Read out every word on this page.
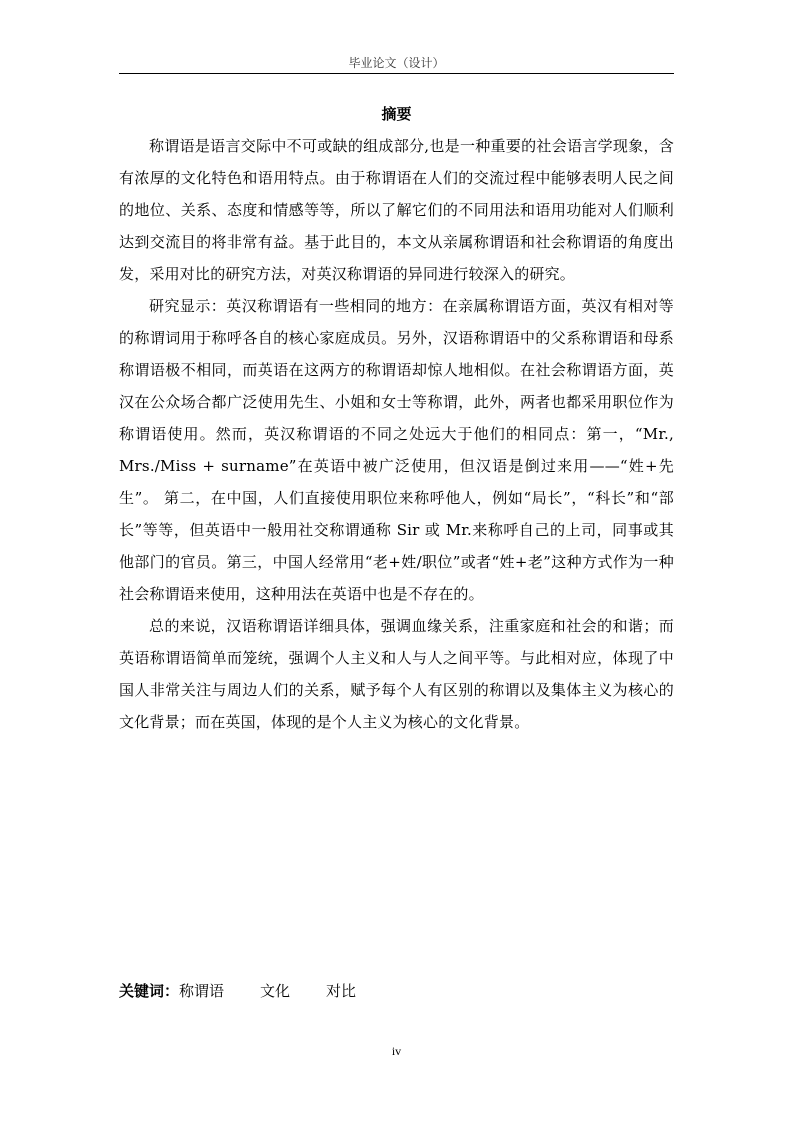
毕业论文（设计）
摘要

称谓语是语言交际中不可或缺的组成部分,也是一种重要的社会语言学现象，含有浓厚的文化特色和语用特点。由于称谓语在人们的交流过程中能够表明人民之间的地位、关系、态度和情感等等，所以了解它们的不同用法和语用功能对人们顺利达到交流目的将非常有益。基于此目的，本文从亲属称谓语和社会称谓语的角度出发，采用对比的研究方法，对英汉称谓语的异同进行较深入的研究。

研究显示：英汉称谓语有一些相同的地方：在亲属称谓语方面，英汉有相对等的称谓词用于称呼各自的核心家庭成员。另外，汉语称谓语中的父系称谓语和母系称谓语极不相同，而英语在这两方的称谓语却惊人地相似。在社会称谓语方面，英汉在公众场合都广泛使用先生、小姐和女士等称谓，此外，两者也都采用职位作为称谓语使用。然而，英汉称谓语的不同之处远大于他们的相同点：第一，“Mr., Mrs./Miss + surname”在英语中被广泛使用，但汉语是倒过来用——“姓+先生”。 第二，在中国，人们直接使用职位来称呼他人，例如“局长”，“科长”和“部长”等等，但英语中一般用社交称谓通称 Sir 或 Mr.来称呼自己的上司，同事或其他部门的官员。第三，中国人经常用“老+姓/职位”或者“姓+老”这种方式作为一种社会称谓语来使用，这种用法在英语中也是不存在的。

总的来说，汉语称谓语详细具体，强调血缘关系，注重家庭和社会的和谐；而英语称谓语简单而笼统，强调个人主义和人与人之间平等。与此相对应，体现了中国人非常关注与周边人们的关系，赋予每个人有区别的称谓以及集体主义为核心的文化背景；而在英国，体现的是个人主义为核心的文化背景。

关键词：称谓语 文化 对比
iv
